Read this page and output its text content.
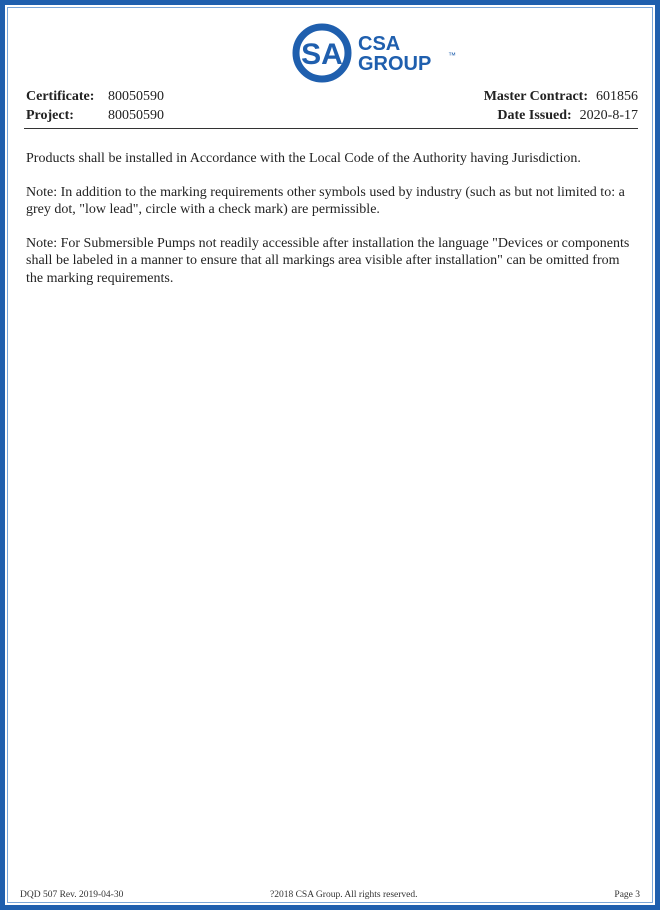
SA CSA
GROUP ™
Certificate: 80050590	Master Contract: 601856
Project: 80050590	Date Issued: 2020-8-17

Products shall be installed in Accordance with the Local Code of the Authority having Jurisdiction.

Note: In addition to the marking requirements other symbols used by industry (such as but not limited to: a grey dot, "low lead", circle with a check mark) are permissible.

Note: For Submersible Pumps not readily accessible after installation the language "Devices or components shall be labeled in a manner to ensure that all markings area visible after installation" can be omitted from the marking requirements.

DQD 507 Rev. 2019-04-30	?2018 CSA Group. All rights reserved.	Page 3
